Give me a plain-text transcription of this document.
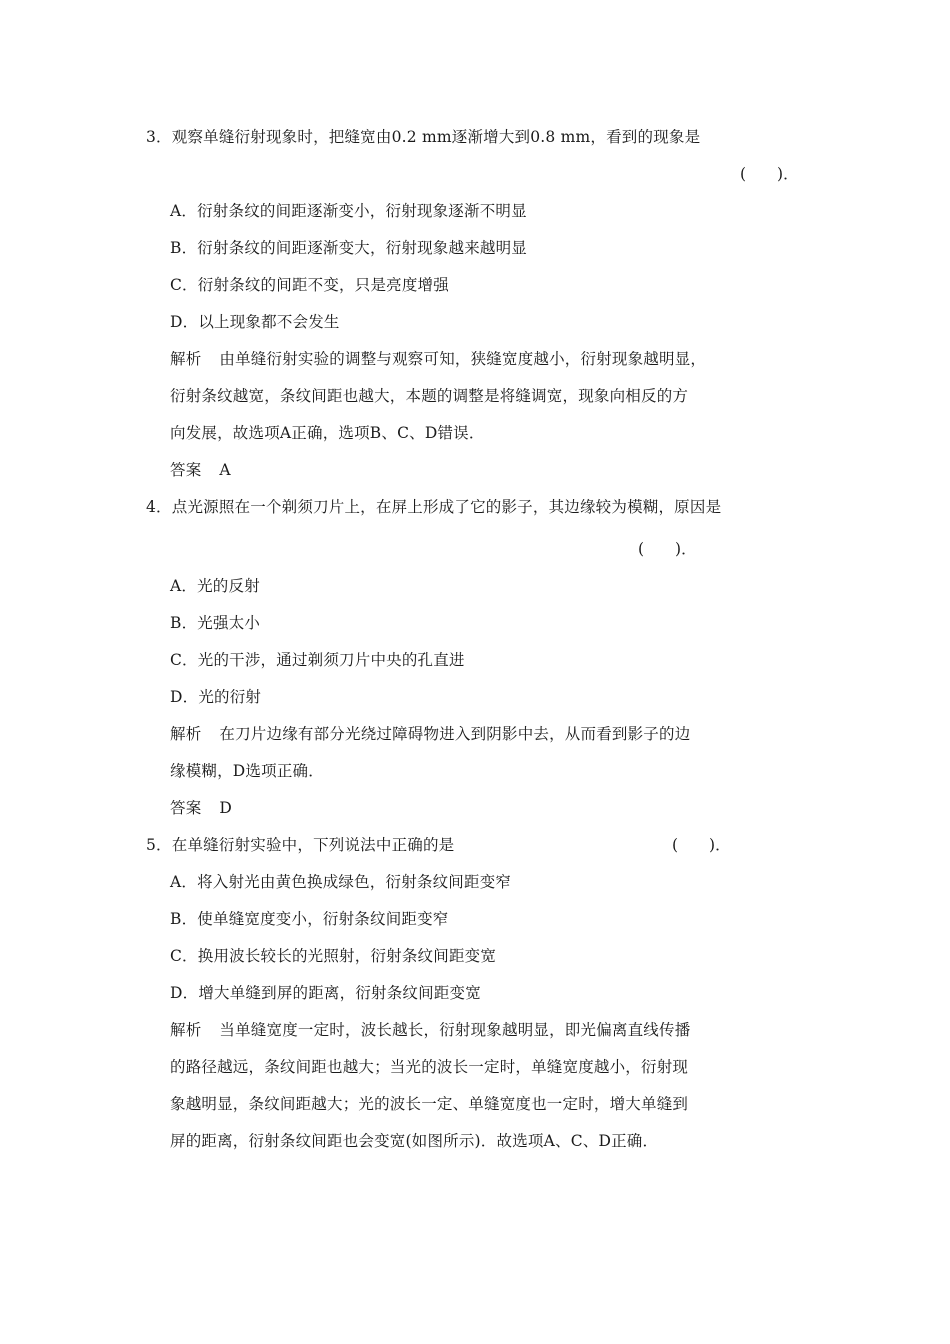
3．观察单缝衍射现象时，把缝宽由0.2 mm逐渐增大到0.8 mm，看到的现象是
(　　)．
A．衍射条纹的间距逐渐变小，衍射现象逐渐不明显
B．衍射条纹的间距逐渐变大，衍射现象越来越明显
C．衍射条纹的间距不变，只是亮度增强
D．以上现象都不会发生
解析 由单缝衍射实验的调整与观察可知，狭缝宽度越小，衍射现象越明显，
衍射条纹越宽，条纹间距也越大，本题的调整是将缝调宽，现象向相反的方
向发展，故选项A正确，选项B、C、D错误．
答案 A
4．点光源照在一个剃须刀片上，在屏上形成了它的影子，其边缘较为模糊，原因是
(　　)．
A．光的反射
B．光强太小
C．光的干涉，通过剃须刀片中央的孔直进
D．光的衍射
解析 在刀片边缘有部分光绕过障碍物进入到阴影中去，从而看到影子的边
缘模糊，D选项正确．
答案 D
5．在单缝衍射实验中，下列说法中正确的是	(　　)．
A．将入射光由黄色换成绿色，衍射条纹间距变窄
B．使单缝宽度变小，衍射条纹间距变窄
C．换用波长较长的光照射，衍射条纹间距变宽
D．增大单缝到屏的距离，衍射条纹间距变宽
解析 当单缝宽度一定时，波长越长，衍射现象越明显，即光偏离直线传播
的路径越远，条纹间距也越大；当光的波长一定时，单缝宽度越小，衍射现
象越明显，条纹间距越大；光的波长一定、单缝宽度也一定时，增大单缝到
屏的距离，衍射条纹间距也会变宽(如图所示)．故选项A、C、D正确．
